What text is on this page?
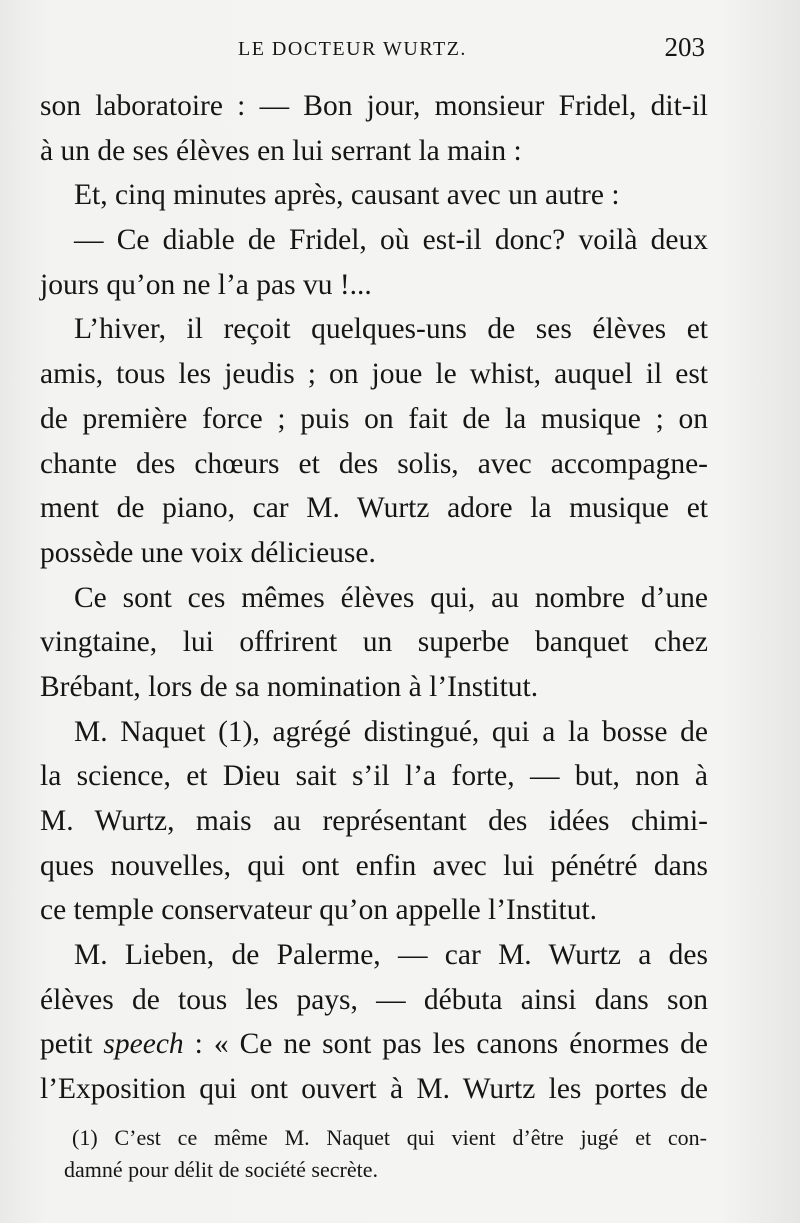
LE DOCTEUR WURTZ.	203
son laboratoire : — Bon jour, monsieur Fridel, dit-il
à un de ses élèves en lui serrant la main :
Et, cinq minutes après, causant avec un autre :
— Ce diable de Fridel, où est-il donc? voilà deux
jours qu’on ne l’a pas vu !...
L’hiver, il reçoit quelques-uns de ses élèves et
amis, tous les jeudis ; on joue le whist, auquel il est
de première force ; puis on fait de la musique ; on
chante des chœurs et des solis, avec accompagne-
ment de piano, car M. Wurtz adore la musique et
possède une voix délicieuse.
Ce sont ces mêmes élèves qui, au nombre d’une
vingtaine, lui offrirent un superbe banquet chez
Brébant, lors de sa nomination à l’Institut.
M. Naquet (1), agrégé distingué, qui a la bosse de
la science, et Dieu sait s’il l’a forte, — but, non à
M. Wurtz, mais au représentant des idées chimi-
ques nouvelles, qui ont enfin avec lui pénétré dans
ce temple conservateur qu’on appelle l’Institut.
M. Lieben, de Palerme, — car M. Wurtz a des
élèves de tous les pays, — débuta ainsi dans son
petit speech : « Ce ne sont pas les canons énormes de
l’Exposition qui ont ouvert à M. Wurtz les portes de
(1) C’est ce même M. Naquet qui vient d’être jugé et con-
damné pour délit de société secrète.
